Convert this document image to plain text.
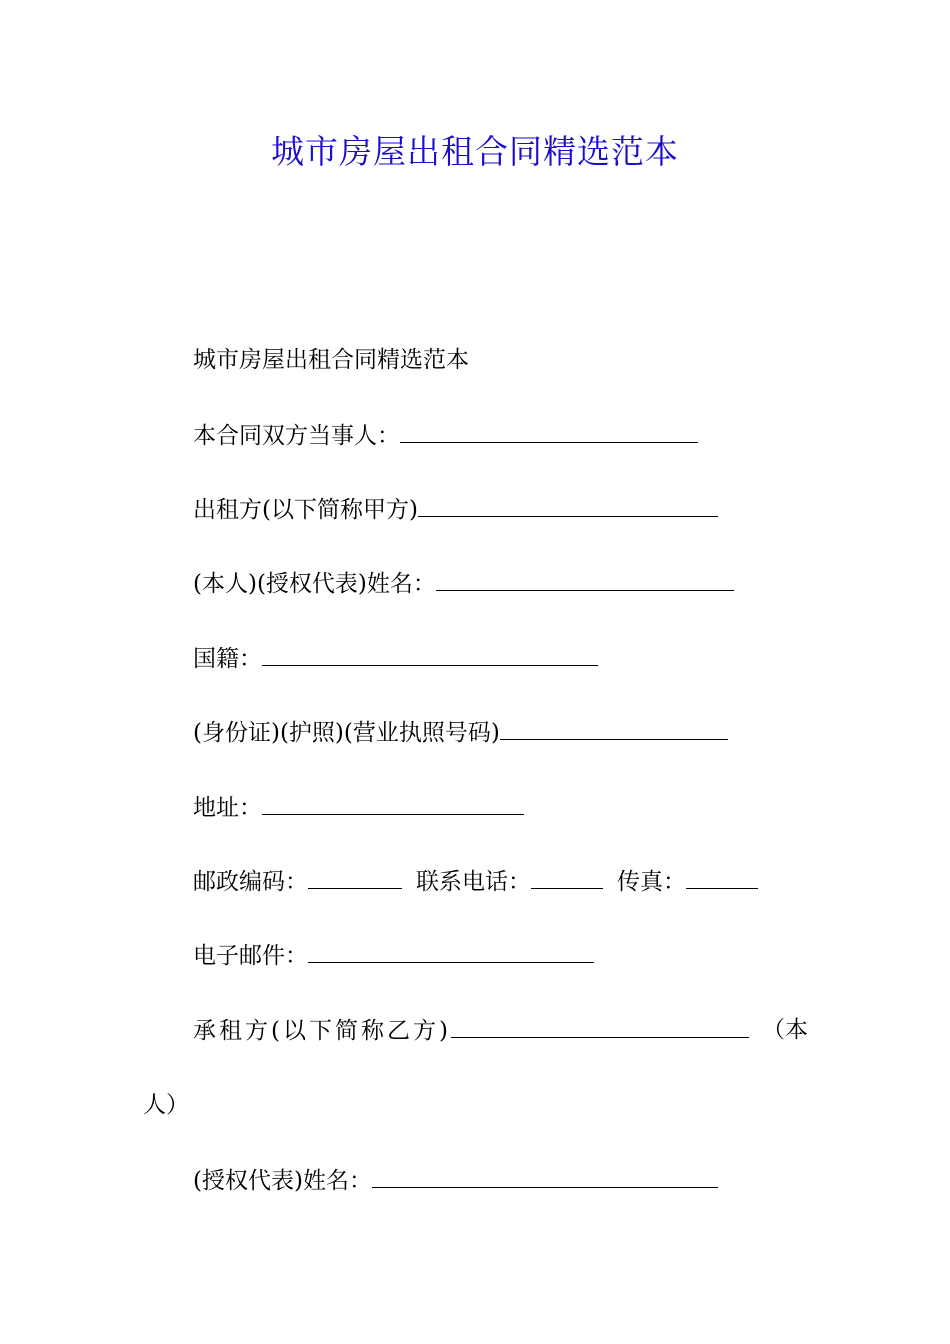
城市房屋出租合同精选范本
城市房屋出租合同精选范本
本合同双方当事人：
出租方(以下简称甲方)
(本人)(授权代表)姓名：
国籍：
(身份证)(护照)(营业执照号码)
地址：
邮政编码：	联系电话：	传真：
电子邮件：
承租方(以下简称乙方)	（本
人）
(授权代表)姓名：
